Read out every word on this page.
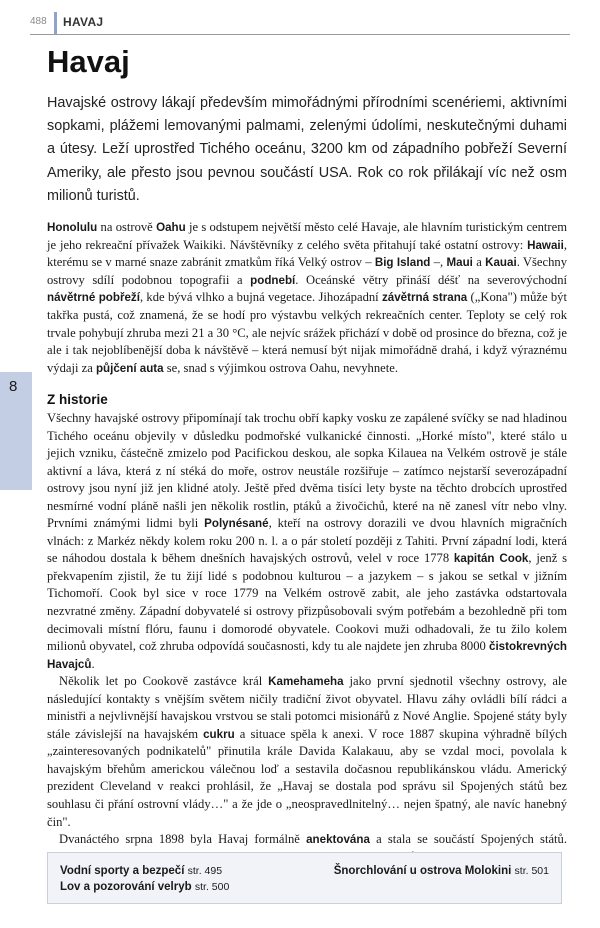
488 HAVAJ
Havaj

Havajské ostrovy lákají především mimořádnými přírodními scenériemi, aktivními sopkami, plážemi lemovanými palmami, zelenými údolími, neskutečnými duhami a útesy. Leží uprostřed Tichého oceánu, 3200 km od západního pobřeží Severní Ameriky, ale přesto jsou pevnou součástí USA. Rok co rok přilákají víc než osm milionů turistů.

Honolulu na ostrově Oahu je s odstupem největší město celé Havaje, ale hlavním turistickým centrem je jeho rekreační přívažek Waikiki. Návštěvníky z celého světa přitahují také ostatní ostrovy: Hawaii, kterému se v marné snaze zabránit zmatkům říká Velký ostrov – Big Island –, Maui a Kauai. Všechny ostrovy sdílí podobnou topografii a podnebí. Oceánské větry přináší déšť na severovýchodní návětrné pobřeží, kde bývá vlhko a bujná vegetace. Jihozápadní závětrná strana („Kona") může být takřka pustá, což znamená, že se hodí pro výstavbu velkých rekreačních center. Teploty se celý rok trvale pohybují zhruba mezi 21 a 30 °C, ale nejvíc srážek přichází v době od prosince do března, což je ale i tak nejoblíbenější doba k návštěvě – která nemusí být nijak mimořádně drahá, i když výraznému výdaji za půjčení auta se, snad s výjimkou ostrova Oahu, nevyhnete.

8
Z historie
Všechny havajské ostrovy připomínají tak trochu obří kapky vosku ze zapálené svíčky se nad hladinou Tichého oceánu objevily v důsledku podmořské vulkanické činnosti. „Horké místo", které stálo u jejich vzniku, částečně zmizelo pod Pacifickou deskou, ale sopka Kilauea na Velkém ostrově je stále aktivní a láva, která z ní stéká do moře, ostrov neustále rozšiřuje – zatímco nejstarší severozápadní ostrovy jsou nyní již jen klidné atoly. Ještě před dvěma tisíci lety byste na těchto drobcích uprostřed nesmírné vodní pláně našli jen několik rostlin, ptáků a živočichů, které na ně zanesl vítr nebo vlny. Prvními známými lidmi byli Polynésané, kteří na ostrovy dorazili ve dvou hlavních migračních vlnách: z Markéz někdy kolem roku 200 n. l. a o pár století později z Tahiti. První západní lodi, která se náhodou dostala k během dnešních havajských ostrovů, velel v roce 1778 kapitán Cook, jenž s překvapením zjistil, že tu žijí lidé s podobnou kulturou – a jazykem – s jakou se setkal v jižním Tichomoří. Cook byl sice v roce 1779 na Velkém ostrově zabit, ale jeho zastávka odstartovala nezvratné změny. Západní dobyvatelé si ostrovy přizpůsobovali svým potřebám a bezohledně při tom decimovali místní flóru, faunu i domorodé obyvatele. Cookovi muži odhadovali, že tu žilo kolem milionů obyvatel, což zhruba odpovídá současnosti, kdy tu ale najdete jen zhruba 8000 čistokrevných Havajců.
Několik let po Cookově zastávce král Kamehameha jako první sjednotil všechny ostrovy, ale následující kontakty s vnějším světem ničily tradiční život obyvatel. Hlavu záhy ovládli bílí rádci a ministři a nejvlivnější havajskou vrstvou se stali potomci misionářů z Nové Anglie. Spojené státy byly stále závislejší na havajském cukru a situace spěla k anexi. V roce 1887 skupina výhradně bílých „zainteresovaných podnikatelů" přinutila krále Davida Kalakauu, aby se vzdal moci, povolala k havajským břehům americkou válečnou loď a sestavila dočasnou republikánskou vládu. Americký prezident Cleveland v reakci prohlásil, že „Havaj se dostala pod správu sil Spojených států bez souhlasu či přání ostrovní vlády…" a že jde o „neospravedlnitelný… nejen špatný, ale navíc hanebný čin".
Dvanáctého srpna 1898 byla Havaj formálně anektována a stala se součástí Spojených států.
Vodní sporty a bezpečí str. 495
Lov a pozorování velryb str. 500
Šnorchlování u ostrova Molokini str. 501
